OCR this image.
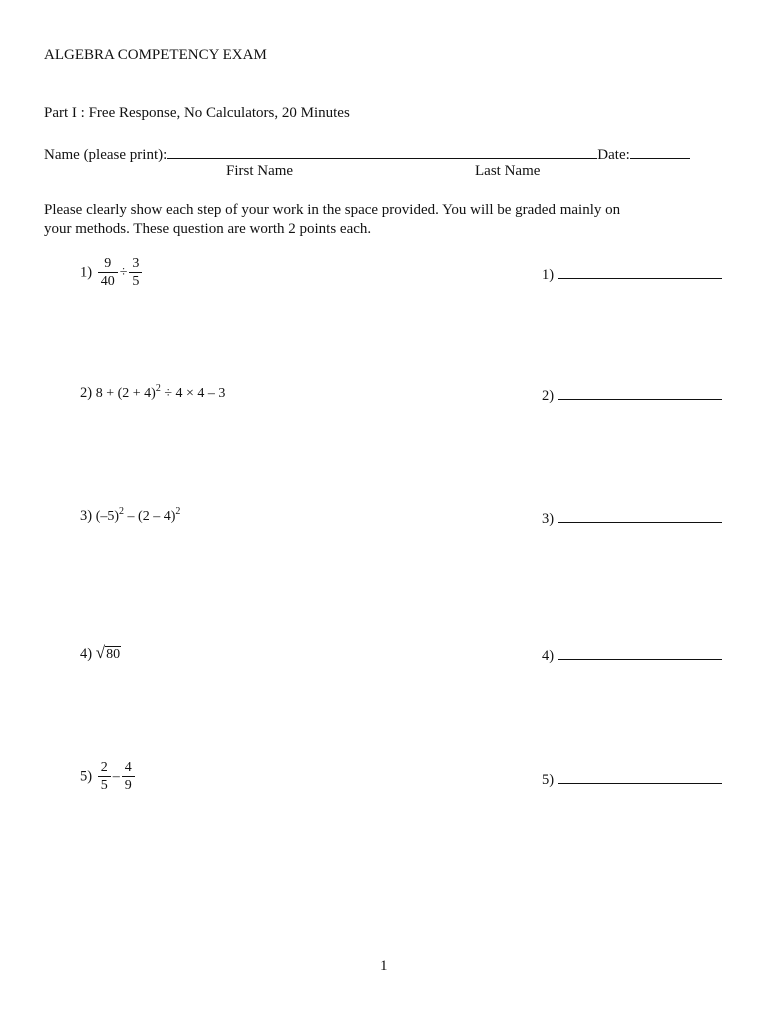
ALGEBRA COMPETENCY EXAM
Part I : Free Response, No Calculators, 20 Minutes
Name (please print):	Date:
First Name	Last Name
Please clearly show each step of your work in the space provided. You will be graded mainly on
your methods. These question are worth 2 points each.
$1) \frac{9}{40} \div \frac{3}{5}$	1)
2) $8 + (2 + 4)^2 \div 4 \times 4 - 3$	2)
3) $(-5)^2 - (2 - 4)^2$	3)
4) √80	4)
$5) \frac{2}{5} - \frac{4}{9}$	5)
1
